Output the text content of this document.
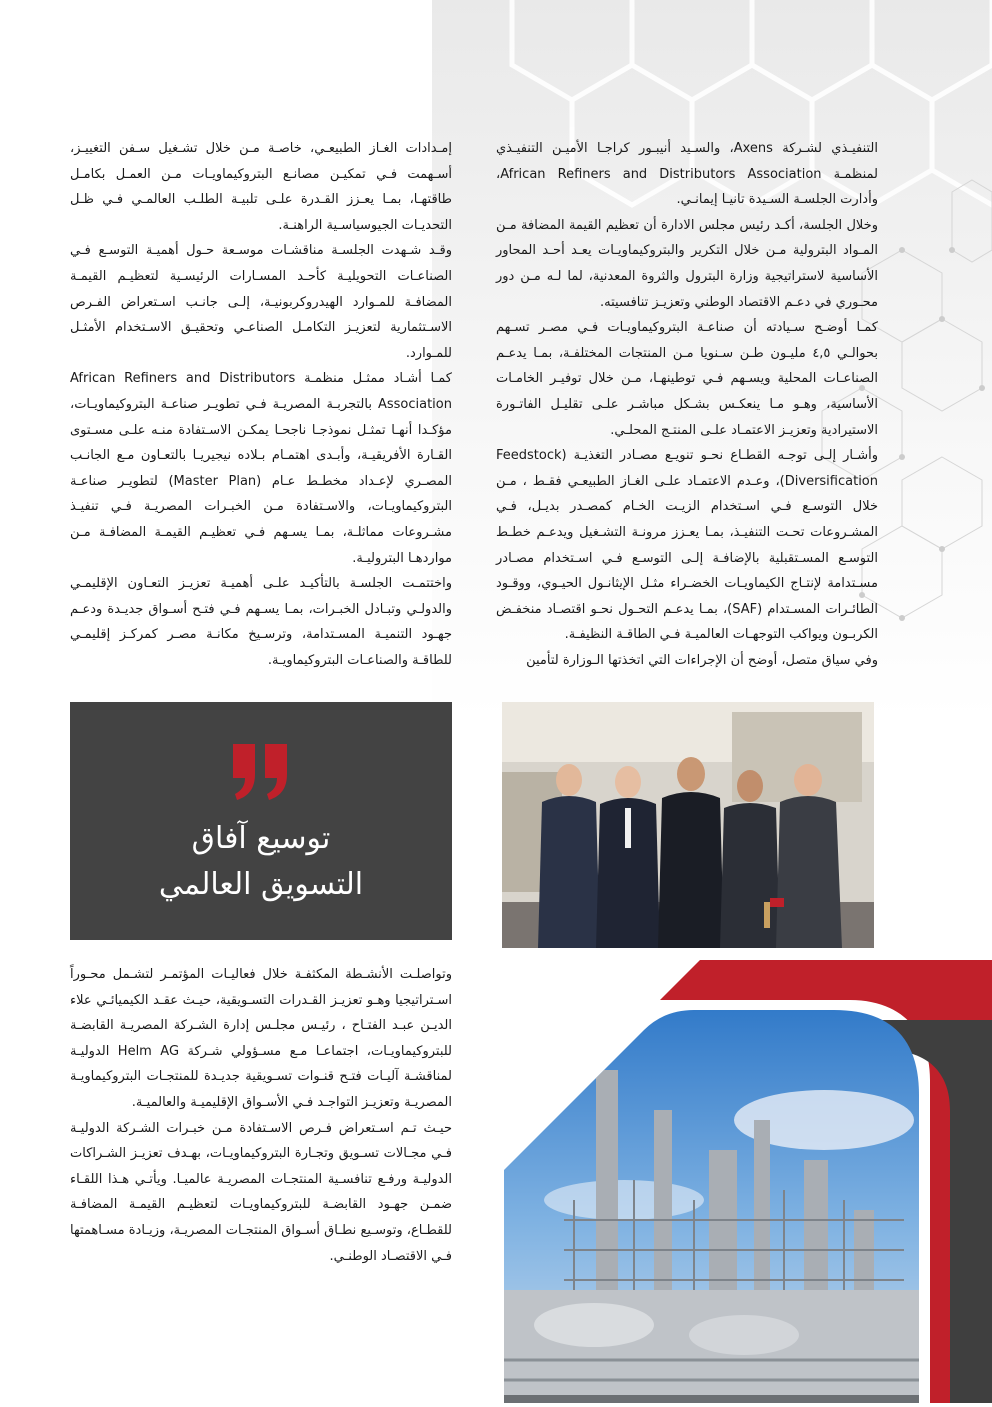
التنفيـذي لشـركة Axens، والسـيد أنيبـور كراجـا الأميـن التنفيـذي لمنظمـة African Refiners and Distributors Association، وأدارت الجلسـة السـيدة تانيـا إيمانـي.

وخلال الجلسة، أكـد رئيس مجلس الادارة أن تعظيم القيمة المضافة مـن المـواد البترولية مـن خلال التكرير والبتروكيماويـات يعـد أحـد المحاور الأساسية لاستراتيجية وزارة البترول والثروة المعدنية، لما لـه مـن دور محـوري في دعـم الاقتصاد الوطني وتعزيـز تنافسيته.

كمـا أوضـح سـيادته أن صناعـة البتروكيماويـات فـي مصـر تسـهم بحوالـي ٤,٥ مليـون طـن سـنويا مـن المنتجات المختلفـة، بمـا يدعـم الصناعـات المحلية ويسـهم فـي توطينهـا، مـن خلال توفيـر الخامـات الأساسية، وهـو مـا ينعكـس بشـكل مباشـر علـى تقليـل الفاتـورة الاستيرادية وتعزيـز الاعتمـاد علـى المنتـج المحلـي.

وأشـار إلـى توجـه القطـاع نحـو تنويـع مصـادر التغذيـة (Feedstock Diversification)، وعـدم الاعتمـاد علـى الغـاز الطبيعـي فقـط ، مـن خلال التوسـع فـي اسـتخدام الزيـت الخـام كمصـدر بديـل، فـي المشـروعات تحـت التنفيـذ، بمـا يعـزز مرونـة التشـغيل ويدعـم خطـط التوسـع المسـتقبلية بالإضافـة إلـى التوسـع فـي اسـتخدام مصـادر مسـتدامة لإنتـاج الكيماويـات الخضـراء مثـل الإيثانـول الحيـوي، ووقـود الطائـرات المسـتدام (SAF)، بمـا يدعـم التحـول نحـو اقتصـاد منخفـض الكربـون ويواكب التوجهـات العالميـة فـي الطاقـة النظيفـة.

وفي سياق متصل، أوضح أن الإجراءات التي اتخذتها الـوزارة لتأمين

إمـدادات الغـاز الطبيعـي، خاصـة مـن خلال تشـغيل سـفن التغييـز، أسـهمت فـي تمكيـن مصانـع البتروكيماويـات مـن العمـل بكامـل طاقتهـا، بمـا يعـزز القـدرة علـى تلبيـة الطلـب العالمـي فـي ظـل التحديـات الجيوسياسـية الراهنـة.

وقـد شـهدت الجلسـة مناقشـات موسـعة حـول أهميـة التوسـع فـي الصناعـات التحويليـة كأحـد المسـارات الرئيسـية لتعظيـم القيمـة المضافـة للمـوارد الهيدروكربونيـة، إلـى جانـب اسـتعراض الفـرص الاسـتثمارية لتعزيـز التكامـل الصناعـي وتحقيـق الاسـتخدام الأمثـل للمـوارد.

كمـا أشـاد ممثـل منظمـة African Refiners and Distributors Association بالتجربـة المصريـة فـي تطويـر صناعـة البتروكيماويـات، مؤكـدا أنهـا تمثـل نموذجـا ناجحـا يمكـن الاسـتفادة منـه علـى مسـتوى القـارة الأفريقيـة، وأبـدى اهتمـام بـلاده نيجيريـا بالتعـاون مـع الجانـب المصـري لإعـداد مخطـط عـام (Master Plan) لتطويـر صناعـة البتروكيماويـات، والاسـتفادة مـن الخبـرات المصريـة فـي تنفيـذ مشـروعات مماثلـة، بمـا يسـهم فـي تعظيـم القيمـة المضافـة مـن مواردهـا البتروليـة.

واختتمـت الجلسـة بالتأكيـد علـى أهميـة تعزيـز التعـاون الإقليمـي والدولـي وتبـادل الخبـرات، بمـا يسـهم فـي فتـح أسـواق جديـدة ودعـم جهـود التنميـة المسـتدامة، وترسـيخ مكانـة مصـر كمركـز إقليمـي للطاقـة والصناعـات البتروكيماويـة.

توسيع آفاق
التسويق العالمي

وتواصلـت الأنشـطة المكثفـة خلال فعاليـات المؤتمـر لتشـمل محـوراً اسـتراتيجيا وهـو تعزيـز القـدرات التسـويقية، حيـث عقـد الكيميائـي علاء الديـن عبـد الفتـاح ، رئيـس مجلـس إدارة الشـركة المصريـة القابضـة للبتروكيماويـات، اجتماعـا مـع مسـؤولي شـركة Helm AG الدوليـة لمناقشـة آليـات فتـح قنـوات تسـويقية جديـدة للمنتجـات البتروكيماويـة المصريـة وتعزيـز التواجـد فـي الأسـواق الإقليميـة والعالميـة.

حيـث تـم اسـتعراض فـرص الاسـتفادة مـن خبـرات الشـركة الدوليـة فـي مجـالات تسـويق وتجـارة البتروكيماويـات، بهـدف تعزيـز الشـراكات الدوليـة ورفـع تنافسـية المنتجـات المصريـة عالميـا. ويأتـي هـذا اللقـاء ضمـن جهـود القابضـة للبتروكيماويـات لتعظيـم القيمـة المضافـة للقطـاع، وتوسـيع نطـاق أسـواق المنتجـات المصريـة، وزيـادة مسـاهمتها فـي الاقتصـاد الوطنـي.
